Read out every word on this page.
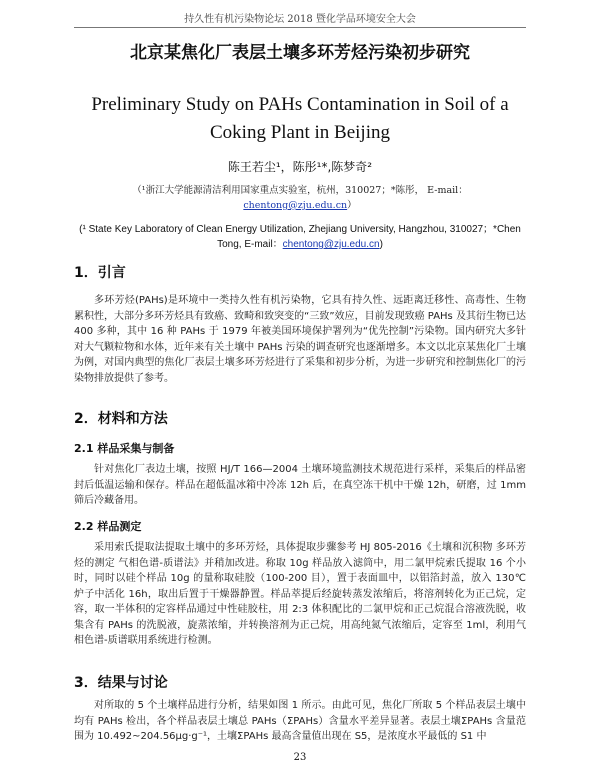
持久性有机污染物论坛 2018 暨化学品环境安全大会
北京某焦化厂表层土壤多环芳烃污染初步研究
Preliminary Study on PAHs Contamination in Soil of a
Coking Plant in Beijing
陈王若尘¹，陈彤¹*,陈梦奇²
（¹浙江大学能源清洁利用国家重点实验室，杭州，310027；*陈彤， E-mail：
chentong@zju.edu.cn）
(¹ State Key Laboratory of Clean Energy Utilization, Zhejiang University, Hangzhou, 310027；*Chen
Tong, E-mail：chentong@zju.edu.cn)
1．引言
多环芳烃(PAHs)是环境中一类持久性有机污染物，它具有持久性、远距离迁移性、高毒性、生物累积性，大部分多环芳烃具有致癌、致畸和致突变的“三致”效应，目前发现致癌 PAHs 及其衍生物已达 400 多种，其中 16 种 PAHs 于 1979 年被美国环境保护署列为“优先控制”污染物。国内研究大多针对大气颗粒物和水体，近年来有关土壤中 PAHs 污染的调查研究也逐渐增多。本文以北京某焦化厂土壤为例，对国内典型的焦化厂表层土壤多环芳烃进行了采集和初步分析，为进一步研究和控制焦化厂的污染物排放提供了参考。
2．材料和方法
2.1 样品采集与制备
针对焦化厂表边土壤，按照 HJ/T 166—2004 土壤环境监测技术规范进行采样，采集后的样品密封后低温运输和保存。样品在超低温冰箱中冷冻 12h 后，在真空冻干机中干燥 12h，研磨，过 1mm 筛后冷藏备用。
2.2 样品测定
采用索氏提取法提取土壤中的多环芳烃，具体提取步骤参考 HJ 805-2016《土壤和沉积物 多环芳烃的测定 气相色谱-质谱法》并稍加改进。称取 10g 样品放入滤筒中，用二氯甲烷索氏提取 16 个小时，同时以硅个样品 10g 的量称取硅胶（100-200 目），置于表面皿中，以铝箔封盖，放入 130℃ 炉子中活化 16h，取出后置于干燥器静置。样品萃提后经旋转蒸发浓缩后，将溶剂转化为正己烷，定容，取一半体积的定容样品通过中性硅胶柱，用 2:3 体积配比的二氯甲烷和正己烷混合溶液洗脱，收集含有 PAHs 的洗脱液，旋蒸浓缩，并转换溶剂为正己烷，用高纯氮气浓缩后，定容至 1ml，利用气相色谱-质谱联用系统进行检测。
3．结果与讨论
对所取的 5 个土壤样品进行分析，结果如图 1 所示。由此可见，焦化厂所取 5 个样品表层土壤中均有 PAHs 检出，各个样品表层土壤总 PAHs（ΣPAHs）含量水平差异显著。表层土壤ΣPAHs 含量范围为 10.492~204.56μg·g⁻¹，土壤ΣPAHs 最高含量值出现在 S5，是浓度水平最低的 S1 中
23
